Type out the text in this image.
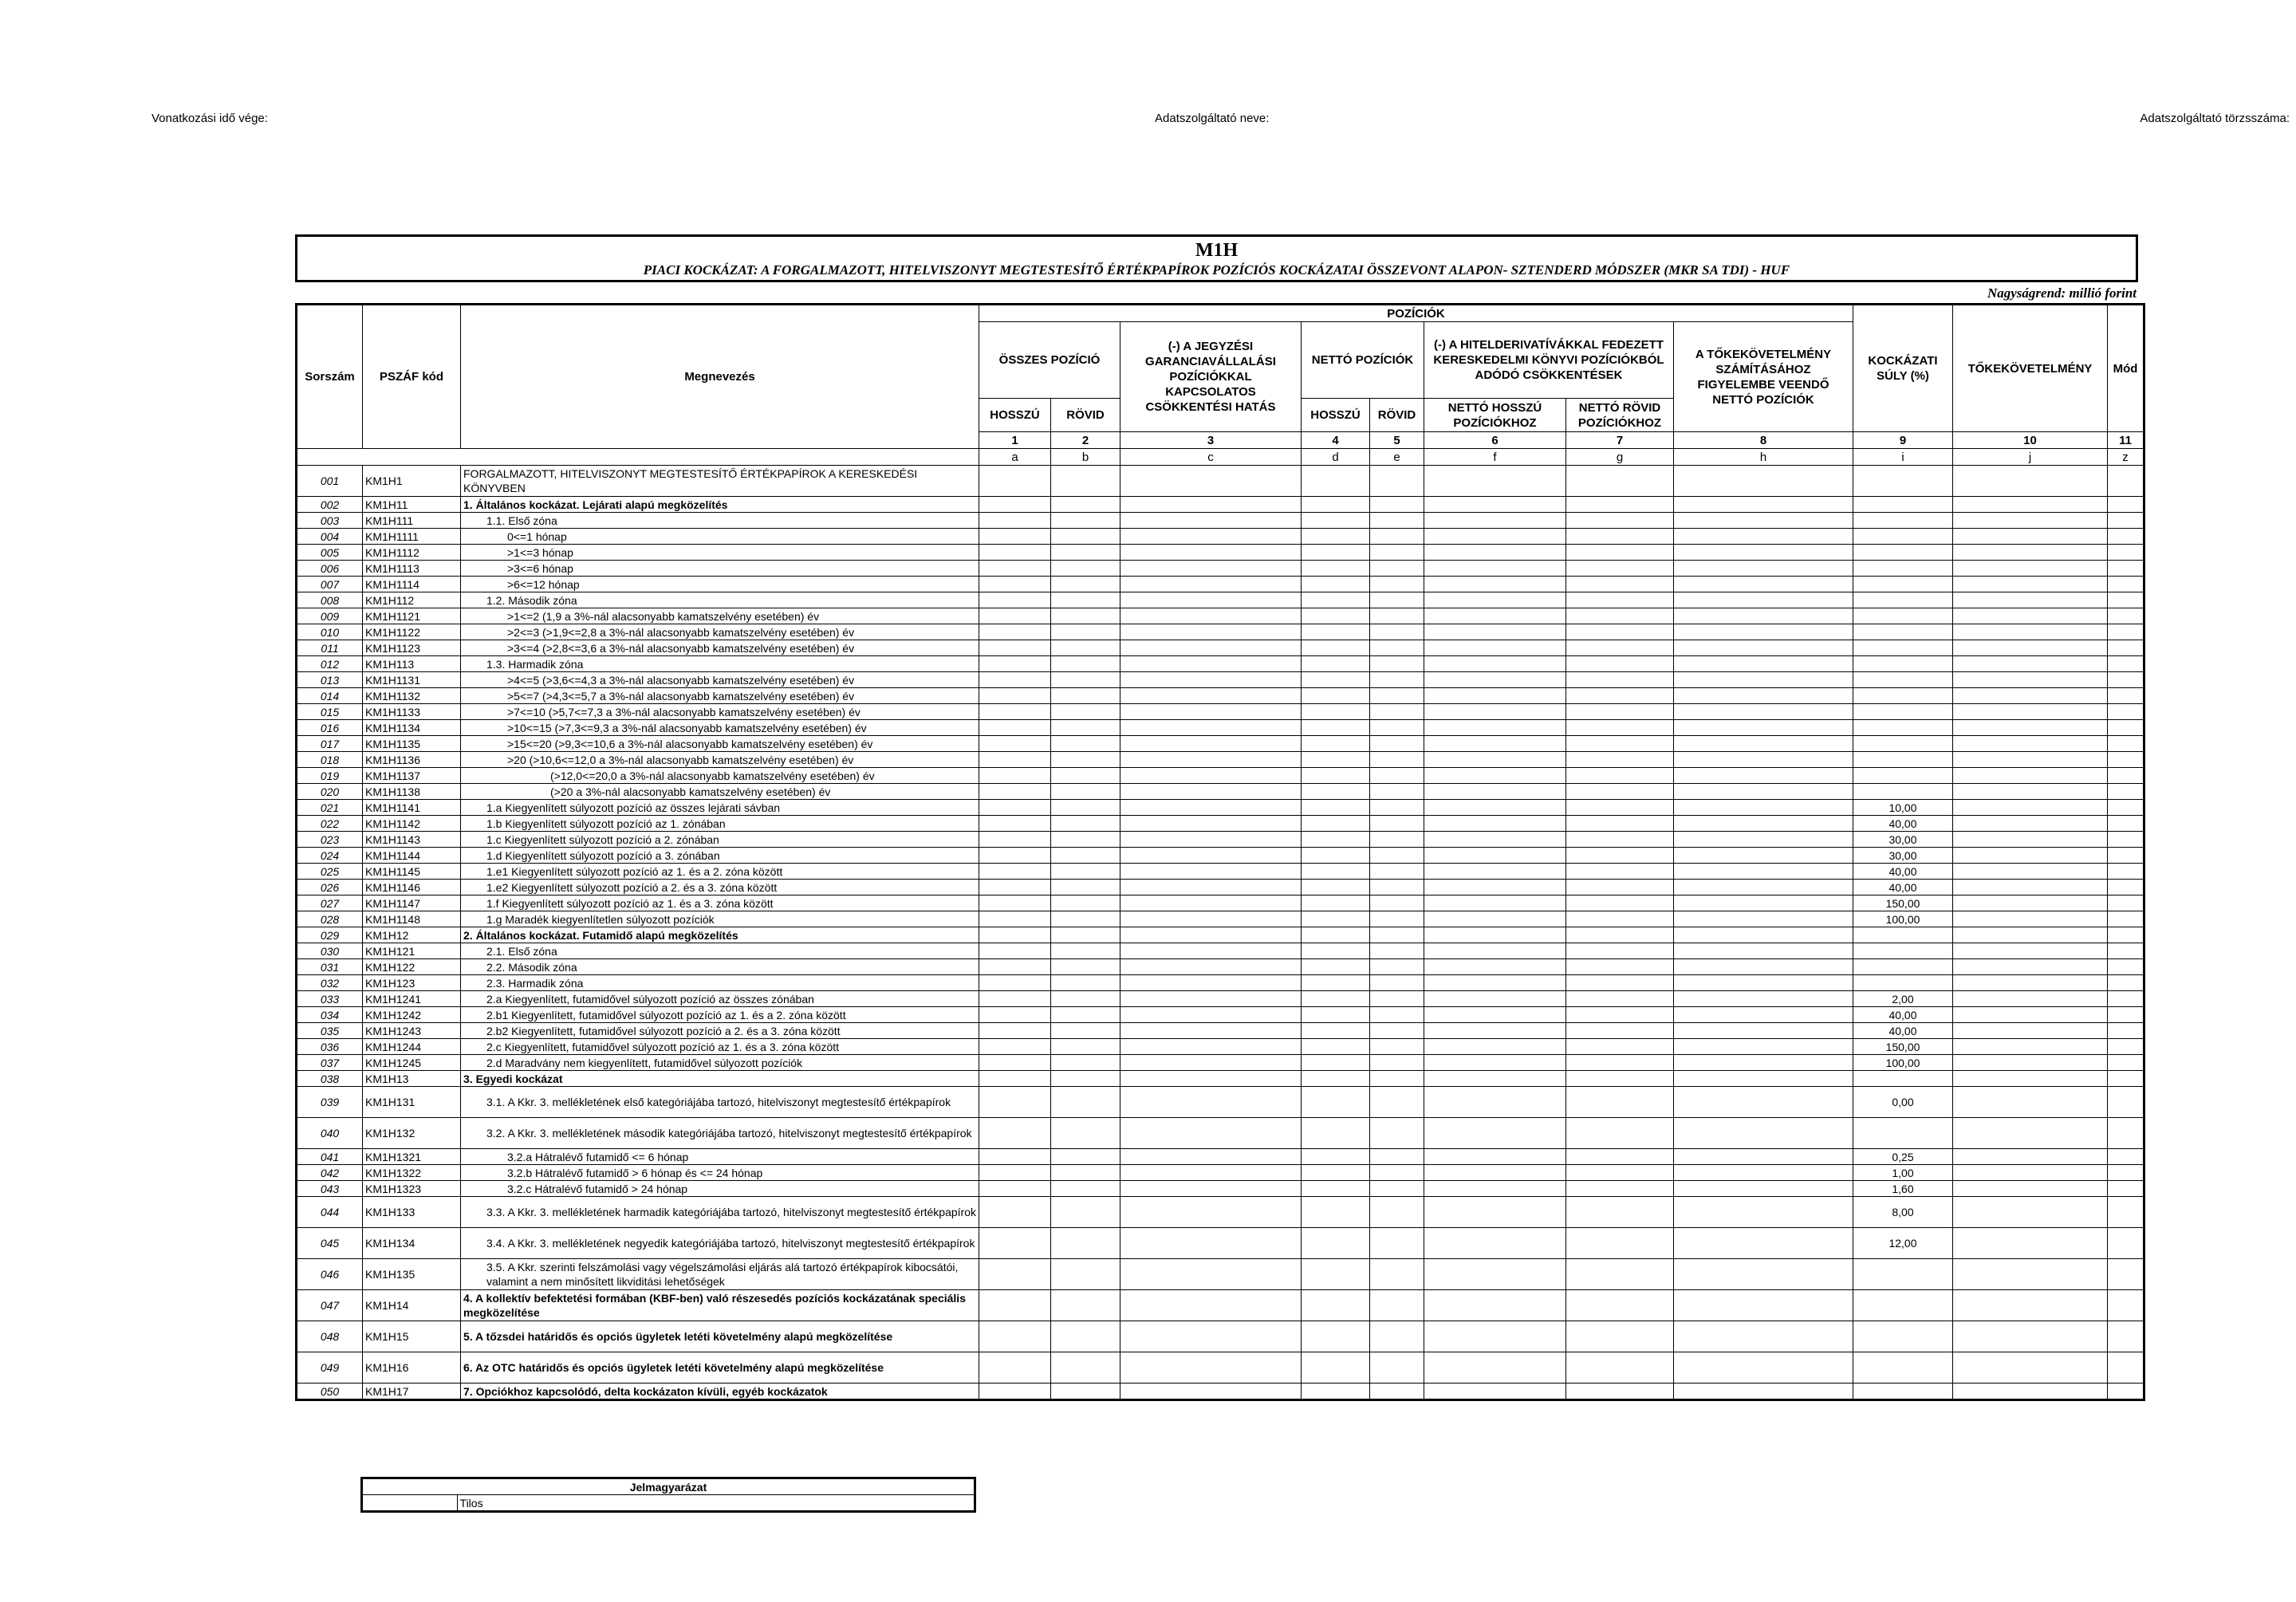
Vonatkozási idő vége:	Adatszolgáltató neve:	Adatszolgáltató törzsszáma:
M1H
PIACI KOCKÁZAT: A FORGALMAZOTT, HITELVISZONYT MEGTESTESÍTŐ ÉRTÉKPAPÍROK POZÍCIÓS KOCKÁZATAI ÖSSZEVONT ALAPON- SZTENDERD MÓDSZER (MKR SA TDI) - HUF
Nagyságrend: millió forint
Sorszám	PSZÁF kód	Megnevezés	POZÍCIÓK								KOCKÁZATI SÚLY (%)	TŐKEKÖVETELMÉNY	Mód
			ÖSSZES POZÍCIÓ		(-) A JEGYZÉSI GARANCIAVÁLLALÁSI POZÍCIÓKKAL KAPCSOLATOS CSÖKKENTÉSI HATÁS	NETTÓ POZÍCIÓK		(-) A HITELDERIVATÍVÁKKAL FEDEZETT KERESKEDELMI KÖNYVI POZÍCIÓKBÓL ADÓDÓ CSÖKKENTÉSEK		A TŐKEKÖVETELMÉNY SZÁMÍTÁSÁHOZ FIGYELEMBE VEENDŐ NETTÓ POZÍCIÓK			
			HOSSZÚ	RÖVID		HOSSZÚ	RÖVID	NETTÓ HOSSZÚ POZÍCIÓKHOZ	NETTÓ RÖVID POZÍCIÓKHOZ				
			1	2	3	4	5	6	7	8	9	10	11
			a	b	c	d	e	f	g	h	i	j	z
001	KM1H1	FORGALMAZOTT, HITELVISZONYT MEGTESTESÍTŐ ÉRTÉKPAPÍROK A KERESKEDÉSI KÖNYVBEN											
002	KM1H11	1. Általános kockázat. Lejárati alapú megközelítés											
003	KM1H111	1.1. Első zóna											
004	KM1H1111	0<=1 hónap											
005	KM1H1112	>1<=3 hónap											
006	KM1H1113	>3<=6 hónap											
007	KM1H1114	>6<=12 hónap											
008	KM1H112	1.2. Második zóna											
009	KM1H1121	>1<=2 (1,9 a 3%-nál alacsonyabb kamatszelvény esetében) év											
010	KM1H1122	>2<=3 (>1,9<=2,8 a 3%-nál alacsonyabb kamatszelvény esetében) év											
011	KM1H1123	>3<=4 (>2,8<=3,6 a 3%-nál alacsonyabb kamatszelvény esetében) év											
012	KM1H113	1.3. Harmadik zóna											
013	KM1H1131	>4<=5 (>3,6<=4,3 a 3%-nál alacsonyabb kamatszelvény esetében) év											
014	KM1H1132	>5<=7 (>4,3<=5,7 a 3%-nál alacsonyabb kamatszelvény esetében) év											
015	KM1H1133	>7<=10 (>5,7<=7,3 a 3%-nál alacsonyabb kamatszelvény esetében) év											
016	KM1H1134	>10<=15 (>7,3<=9,3 a 3%-nál alacsonyabb kamatszelvény esetében) év											
017	KM1H1135	>15<=20 (>9,3<=10,6 a 3%-nál alacsonyabb kamatszelvény esetében) év											
018	KM1H1136	>20 (>10,6<=12,0 a 3%-nál alacsonyabb kamatszelvény esetében) év											
019	KM1H1137	(>12,0<=20,0 a 3%-nál alacsonyabb kamatszelvény esetében) év											
020	KM1H1138	(>20 a 3%-nál alacsonyabb kamatszelvény esetében) év											
021	KM1H1141	1.a Kiegyenlített súlyozott pozíció az összes lejárati sávban									10,00		
022	KM1H1142	1.b Kiegyenlített súlyozott pozíció az 1. zónában									40,00		
023	KM1H1143	1.c Kiegyenlített súlyozott pozíció a 2. zónában									30,00		
024	KM1H1144	1.d Kiegyenlített súlyozott pozíció a 3. zónában									30,00		
025	KM1H1145	1.e1 Kiegyenlített súlyozott pozíció az 1. és a 2. zóna között									40,00		
026	KM1H1146	1.e2 Kiegyenlített súlyozott pozíció a 2. és a 3. zóna között									40,00		
027	KM1H1147	1.f Kiegyenlített súlyozott pozíció az 1. és a 3. zóna között									150,00		
028	KM1H1148	1.g Maradék kiegyenlítetlen súlyozott pozíciók									100,00		
029	KM1H12	2. Általános kockázat. Futamidő alapú megközelítés											
030	KM1H121	2.1. Első zóna											
031	KM1H122	2.2. Második zóna											
032	KM1H123	2.3. Harmadik zóna											
033	KM1H1241	2.a Kiegyenlített, futamidővel súlyozott pozíció az összes zónában									2,00		
034	KM1H1242	2.b1 Kiegyenlített, futamidővel súlyozott pozíció az 1. és a 2. zóna között									40,00		
035	KM1H1243	2.b2 Kiegyenlített, futamidővel súlyozott pozíció a 2. és a 3. zóna között									40,00		
036	KM1H1244	2.c Kiegyenlített, futamidővel súlyozott pozíció az 1. és a 3. zóna között									150,00		
037	KM1H1245	2.d Maradvány nem kiegyenlített, futamidővel súlyozott pozíciók									100,00		
038	KM1H13	3. Egyedi kockázat											
039	KM1H131	3.1. A Kkr. 3. mellékletének első kategóriájába tartozó, hitelviszonyt megtestesítő értékpapírok									0,00		
040	KM1H132	3.2. A Kkr. 3. mellékletének második kategóriájába tartozó, hitelviszonyt megtestesítő értékpapírok											
041	KM1H1321	3.2.a Hátralévő futamidő <= 6 hónap									0,25		
042	KM1H1322	3.2.b Hátralévő futamidő > 6 hónap és <= 24 hónap									1,00		
043	KM1H1323	3.2.c Hátralévő futamidő > 24 hónap									1,60		
044	KM1H133	3.3. A Kkr. 3. mellékletének harmadik kategóriájába tartozó, hitelviszonyt megtestesítő értékpapírok									8,00		
045	KM1H134	3.4. A Kkr. 3. mellékletének negyedik kategóriájába tartozó, hitelviszonyt megtestesítő értékpapírok									12,00		
046	KM1H135	3.5. A Kkr. szerinti felszámolási vagy végelszámolási eljárás alá tartozó értékpapírok kibocsátói, valamint a nem minősített likviditási lehetőségek											
047	KM1H14	4. A kollektív befektetési formában (KBF-ben) való részesedés pozíciós kockázatának speciális megközelítése											
048	KM1H15	5. A tőzsdei határidős és opciós ügyletek letéti követelmény alapú megközelítése											
049	KM1H16	6. Az OTC határidős és opciós ügyletek letéti követelmény alapú megközelítése											
050	KM1H17	7. Opciókhoz kapcsolódó, delta kockázaton kívüli, egyéb kockázatok											
Jelmagyarázat
	Tilos
